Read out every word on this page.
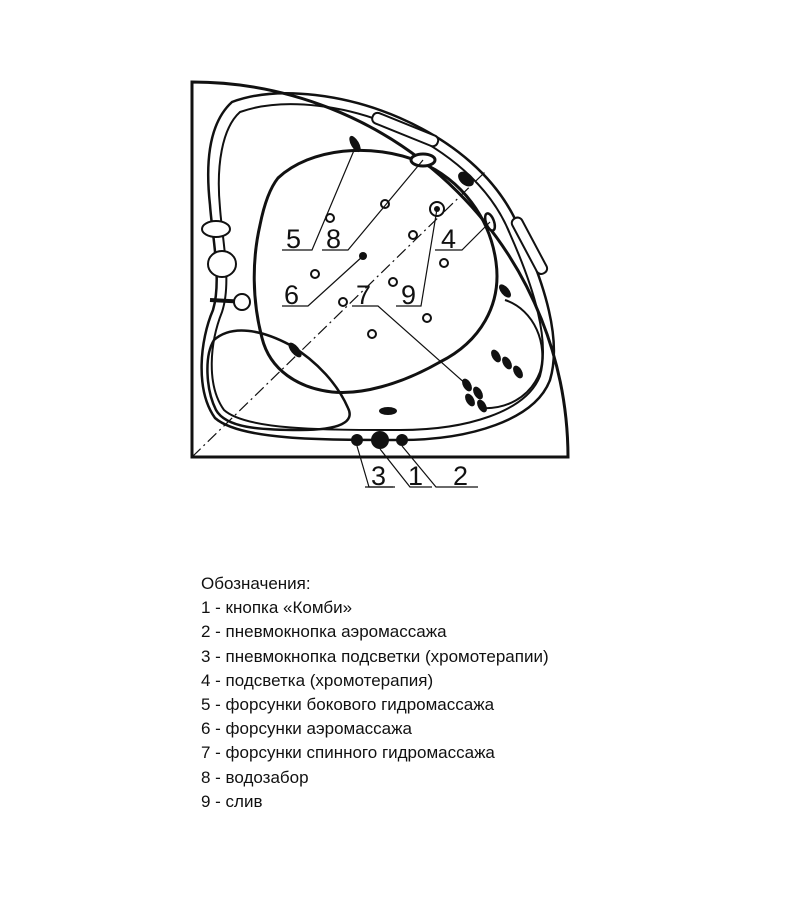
5 8	4
6 7 9
3 1 2
Обозначения:
1 - кнопка «Комби»
2 - пневмокнопка аэромассажа
3 - пневмокнопка подсветки (хромотерапии)
4 - подсветка (хромотерапия)
5 - форсунки бокового гидромассажа
6 - форсунки аэромассажа
7 - форсунки спинного гидромассажа
8 - водозабор
9 - слив
